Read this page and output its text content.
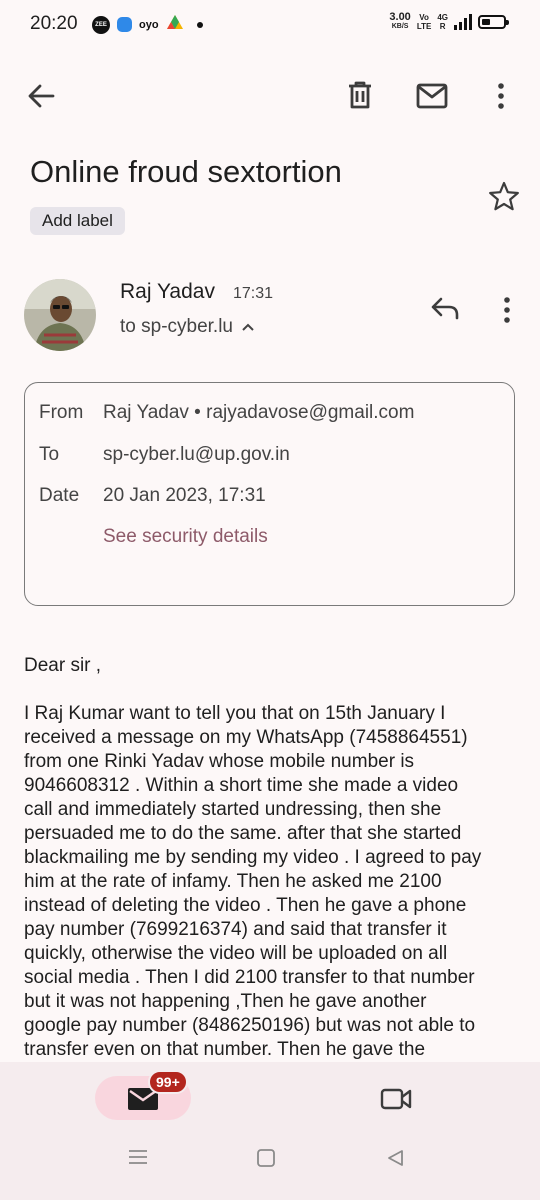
20:20	ZEE	oyo
3.00
KB/S
Vo
LTE
4G
R
Online froud sextortion
Add label
Raj Yadav 17:31
to sp-cyber.lu
From Raj Yadav • rajyadavose@gmail.com
To sp-cyber.lu@up.gov.in
Date 20 Jan 2023, 17:31
See security details

Dear sir ,

I Raj Kumar want to tell you that on 15th January I
received a message on my WhatsApp (7458864551)
from one Rinki Yadav whose mobile number is
9046608312 . Within a short time she made a video
call and immediately started undressing, then she
persuaded me to do the same. after that she started
blackmailing me by sending my video . I agreed to pay
him at the rate of infamy. Then he asked me 2100
instead of deleting the video . Then he gave a phone
pay number (7699216374) and said that transfer it
quickly, otherwise the video will be uploaded on all
social media . Then I did 2100 transfer to that number
but it was not happening ,Then he gave another
google pay number (8486250196) but was not able to
transfer even on that number. Then he gave the

99+
